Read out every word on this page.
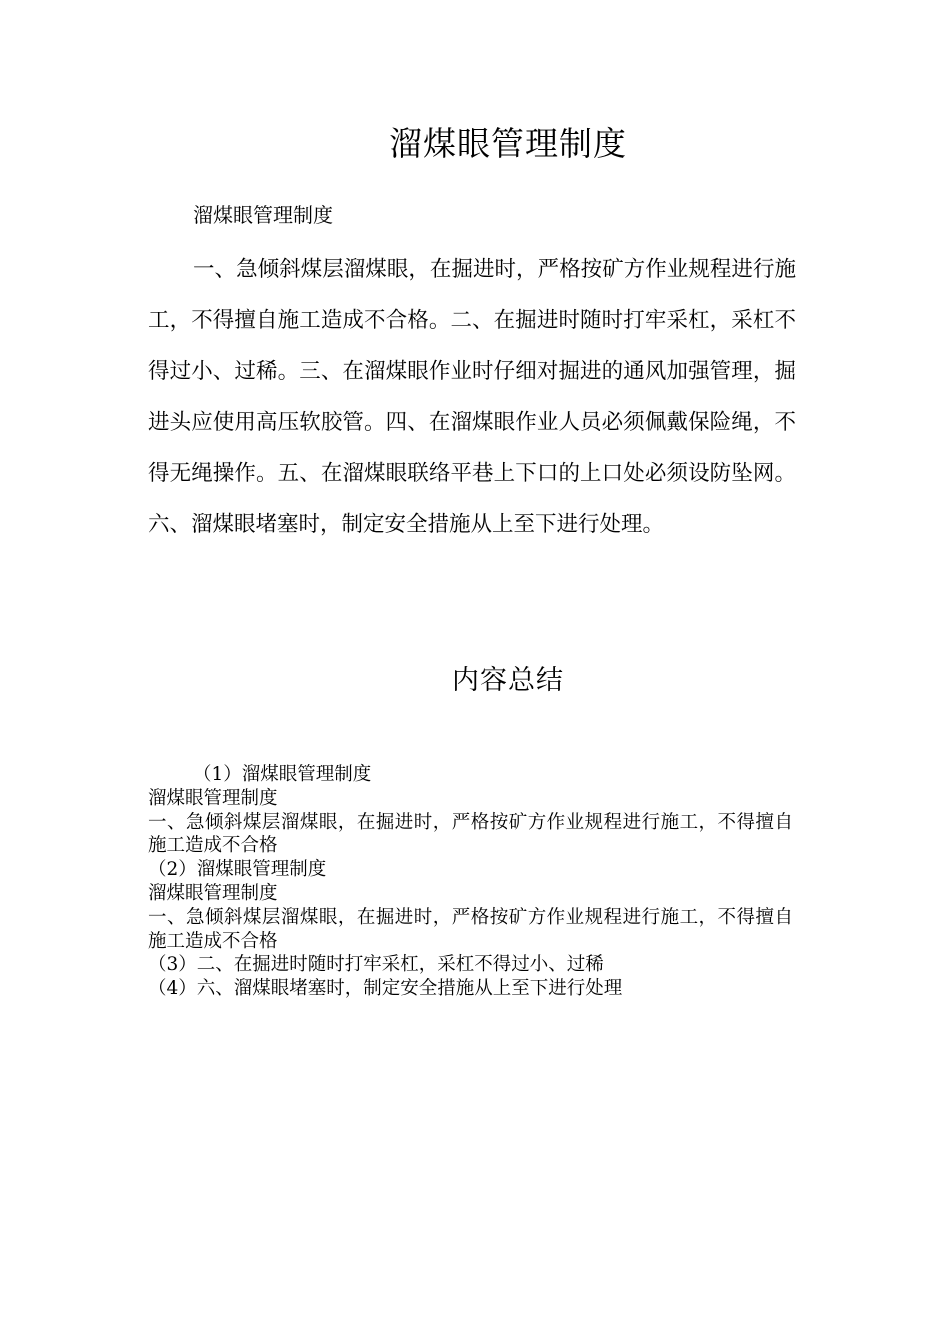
溜煤眼管理制度

溜煤眼管理制度

一、急倾斜煤层溜煤眼，在掘进时，严格按矿方作业规程进行施工，不得擅自施工造成不合格。二、在掘进时随时打牢采杠，采杠不得过小、过稀。三、在溜煤眼作业时仔细对掘进的通风加强管理，掘进头应使用高压软胶管。四、在溜煤眼作业人员必须佩戴保险绳，不得无绳操作。五、在溜煤眼联络平巷上下口的上口处必须设防坠网。六、溜煤眼堵塞时，制定安全措施从上至下进行处理。

内容总结

（1）溜煤眼管理制度

溜煤眼管理制度

一、急倾斜煤层溜煤眼，在掘进时，严格按矿方作业规程进行施工，不得擅自施工造成不合格

（2）溜煤眼管理制度

溜煤眼管理制度

一、急倾斜煤层溜煤眼，在掘进时，严格按矿方作业规程进行施工，不得擅自施工造成不合格

（3）二、在掘进时随时打牢采杠，采杠不得过小、过稀

（4）六、溜煤眼堵塞时，制定安全措施从上至下进行处理
